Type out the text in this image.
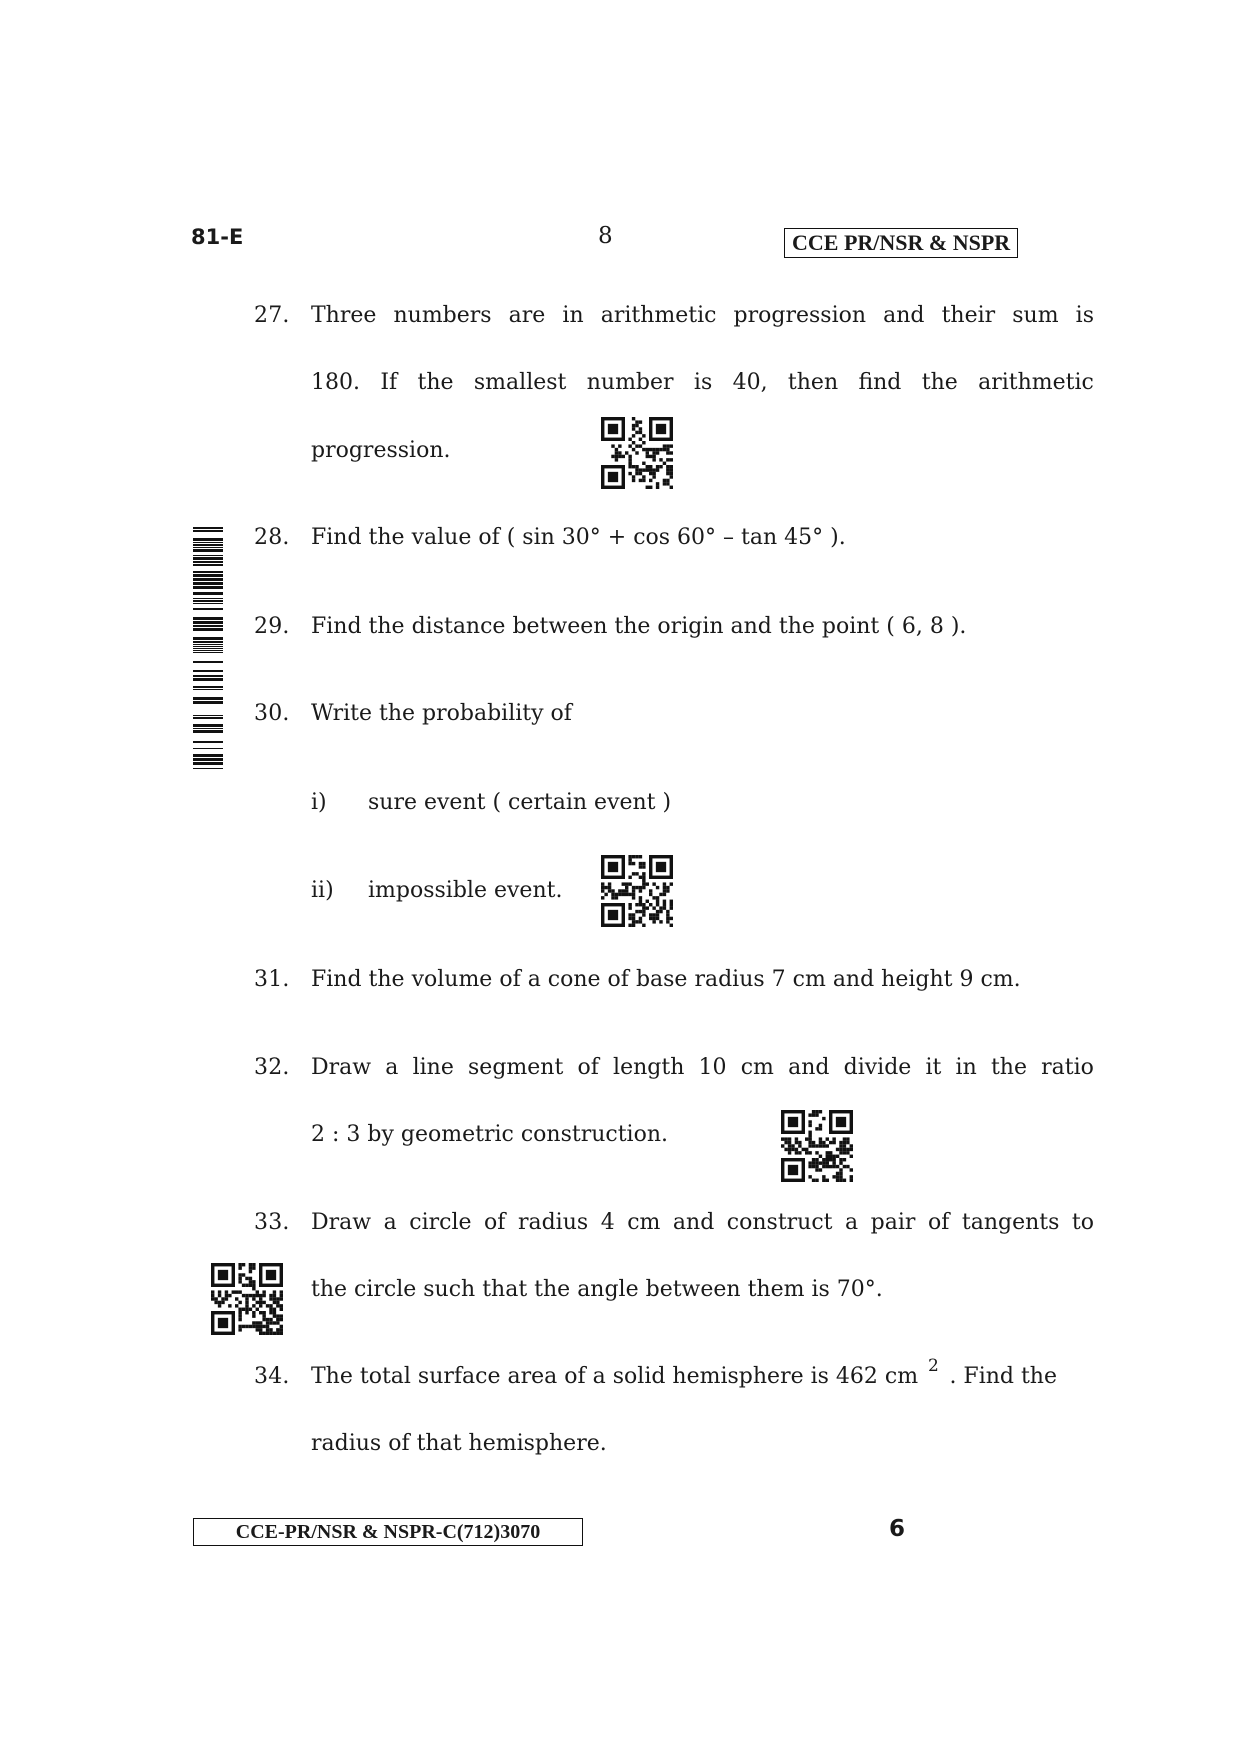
81-E	8	CCE PR/NSR & NSPR
27. Three numbers are in arithmetic progression and their sum is
180. If the smallest number is 40, then find the arithmetic
progression.
28. Find the value of ( sin 30° + cos 60° – tan 45° ).
29. Find the distance between the origin and the point ( 6, 8 ).
30. Write the probability of
i) sure event ( certain event )
ii) impossible event.
31. Find the volume of a cone of base radius 7 cm and height 9 cm.
32. Draw a line segment of length 10 cm and divide it in the ratio
2 : 3 by geometric construction.
33. Draw a circle of radius 4 cm and construct a pair of tangents to
the circle such that the angle between them is 70°.
34. The total surface area of a solid hemisphere is 462 cm 2 . Find the
radius of that hemisphere.
CCE-PR/NSR & NSPR-C(712)3070	6
